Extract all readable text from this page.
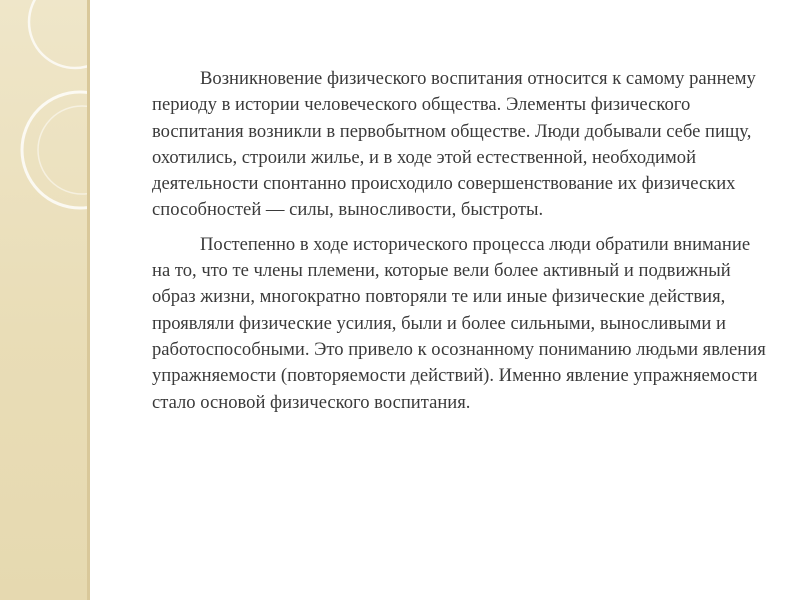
Возникновение физического воспитания относится к самому раннему периоду в истории человеческого общества. Элементы физического воспитания возникли в первобытном обществе. Люди добывали себе пищу, охотились, строили жилье, и в ходе этой естественной, необходимой деятельности спонтанно происходило совершенствование их физических способностей — силы, выносливости, быстроты.

Постепенно в ходе исторического процесса люди обратили внимание на то, что те члены племени, которые вели более активный и подвижный образ жизни, многократно повторяли те или иные физические действия, проявляли физические усилия, были и более сильными, выносливыми и работоспособными. Это привело к осознанному пониманию людьми явления упражняемости (повторяемости действий). Именно явление упражняемости стало основой физического воспитания.
